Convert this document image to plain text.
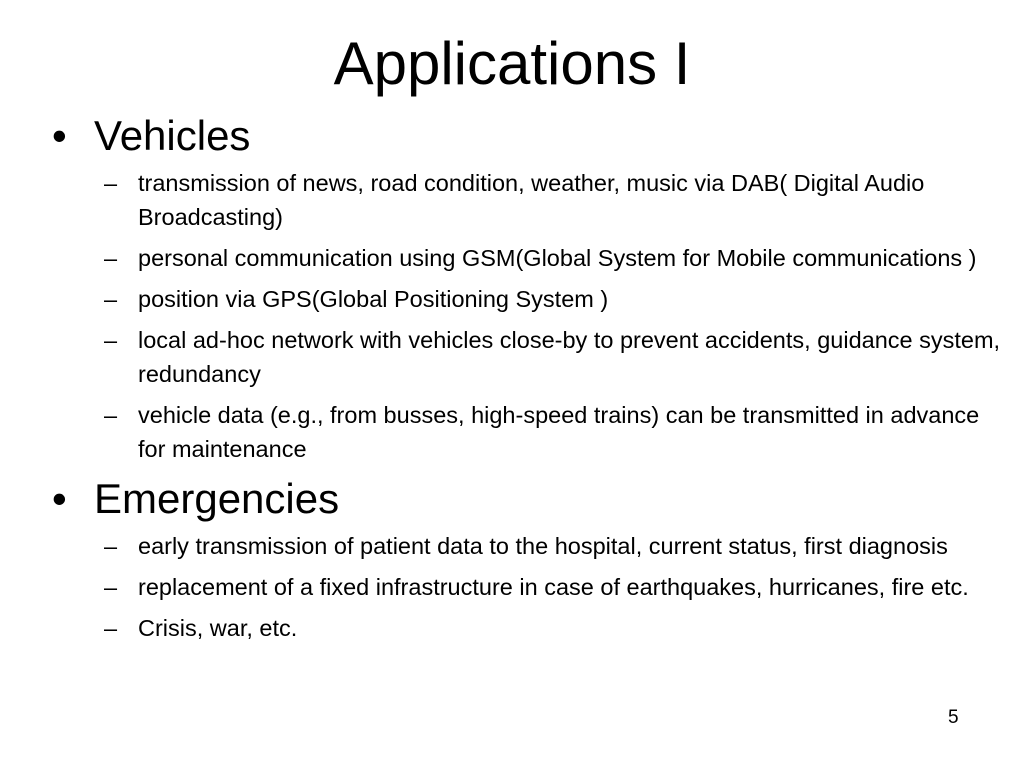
Applications I
• Vehicles
– transmission of news, road condition, weather, music via DAB( Digital Audio Broadcasting)
– personal communication using GSM(Global System for Mobile communications )
– position via GPS(Global Positioning System )
– local ad-hoc network with vehicles close-by to prevent accidents, guidance system, redundancy
– vehicle data (e.g., from busses, high-speed trains) can be transmitted in advance for maintenance
• Emergencies
– early transmission of patient data to the hospital, current status, first diagnosis
– replacement of a fixed infrastructure in case of earthquakes, hurricanes, fire etc.
– Crisis, war, etc.
5
